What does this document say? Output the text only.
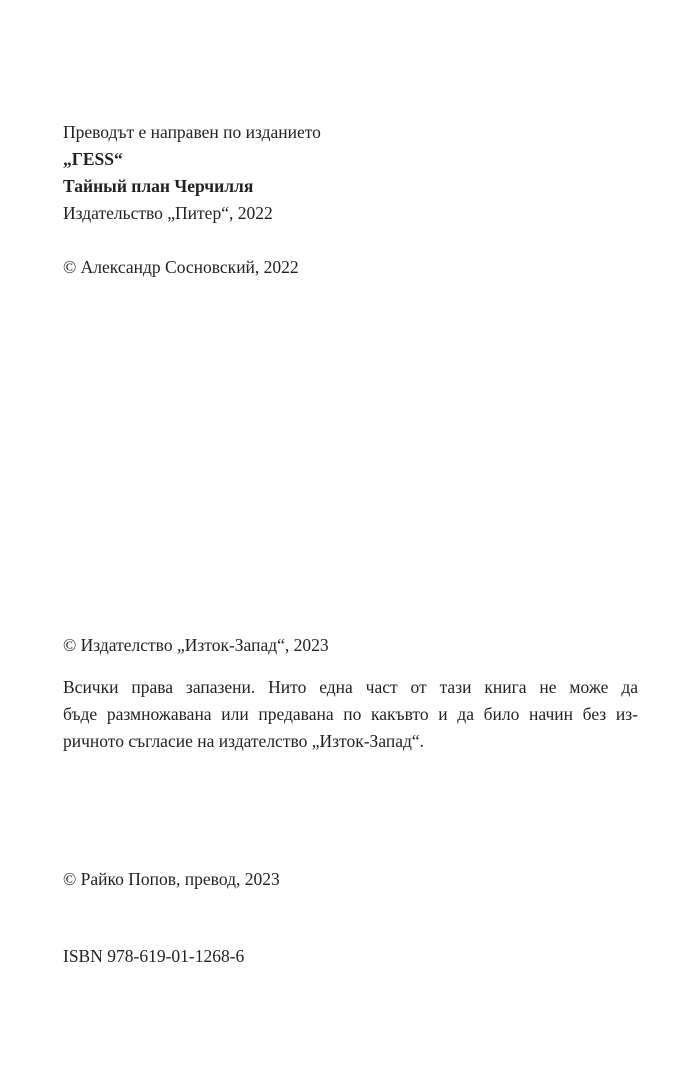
Преводът е направен по изданието
„ГESS“
Тайный план Черчилля
Издательство „Питер“, 2022
© Александр Сосновский, 2022
© Издателство „Изток-Запад“, 2023
Всички права запазени. Нито една част от тази книга не може да
бъде размножавана или предавана по какъвто и да било начин без из-
ричното съгласие на издателство „Изток-Запад“.
© Райко Попов, превод, 2023
ISBN 978-619-01-1268-6
